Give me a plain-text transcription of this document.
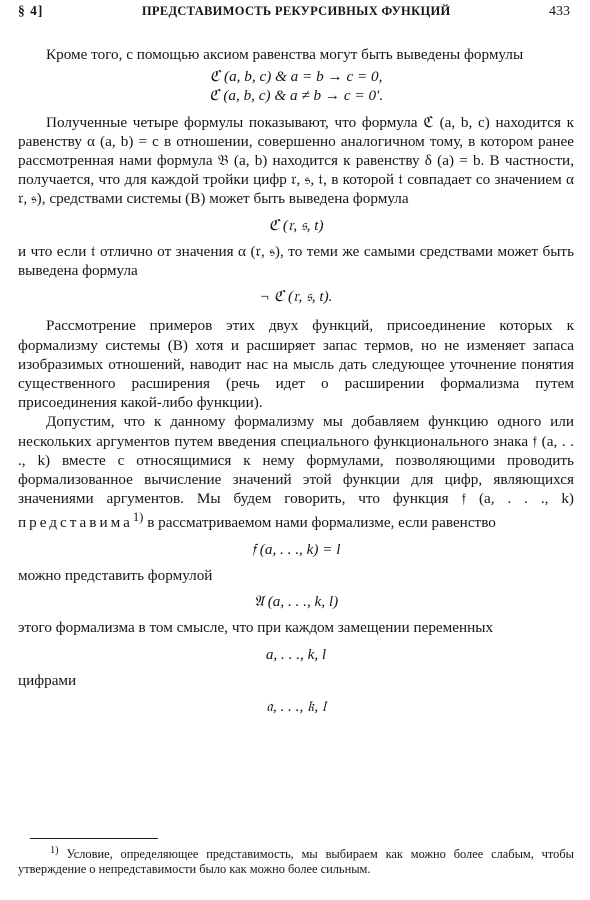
§ 4]	ПРЕДСТАВИМОСТЬ РЕКУРСИВНЫХ ФУНКЦИЙ	433

Кроме того, с помощью аксиом равенства могут быть выведены формулы

ℭ (a, b, c) & a = b → c = 0,

ℭ (a, b, c) & a ≠ b → c = 0′.

Полученные четыре формулы показывают, что формула ℭ (a, b, c) находится к равенству α (a, b) = c в отношении, совершенно аналогичном тому, в котором ранее рассмотренная нами формула 𝔅 (a, b) находится к равенству δ (a) = b. В частности, получается, что для каждой тройки цифр 𝔯, 𝔰, 𝔱, в которой 𝔱 совпадает со значением α 𝔯, 𝔰), средствами системы (B) может быть выведена формула

ℭ (𝔯, 𝔰, t)

и что если 𝔱 отлично от значения α (𝔯, 𝔰), то теми же самыми средствами может быть выведена формула

¬ ℭ (𝔯, 𝔰, t).

Рассмотрение примеров этих двух функций, присоединение которых к формализму системы (B) хотя и расширяет запас термов, но не изменяет запаса изобразимых отношений, наводит нас на мысль дать следующее уточнение понятия существенного расширения (речь идет о расширении формализма путем присоединения какой-либо функции).

Допустим, что к данному формализму мы добавляем функцию одного или нескольких аргументов путем введения специального функционального знака 𝔣 (a, . . ., k) вместе с относящимися к нему формулами, позволяющими проводить формализованное вычисление значений этой функции для цифр, являющихся значениями аргументов. Мы будем говорить, что функция 𝔣 (a, . . ., k) представима$^{1)}$ в рассматриваемом нами формализме, если равенство

𝔣 (a, . . ., k) = l

можно представить формулой

𝔄 (a, . . ., k, l)

этого формализма в том смысле, что при каждом замещении переменных

a, . . ., k, l

цифрами

𝔞, . . ., 𝔨, 𝔩

$^{1)}$ Условие, определяющее представимость, мы выбираем как можно более слабым, чтобы утверждение о непредставимости было как можно более сильным.
